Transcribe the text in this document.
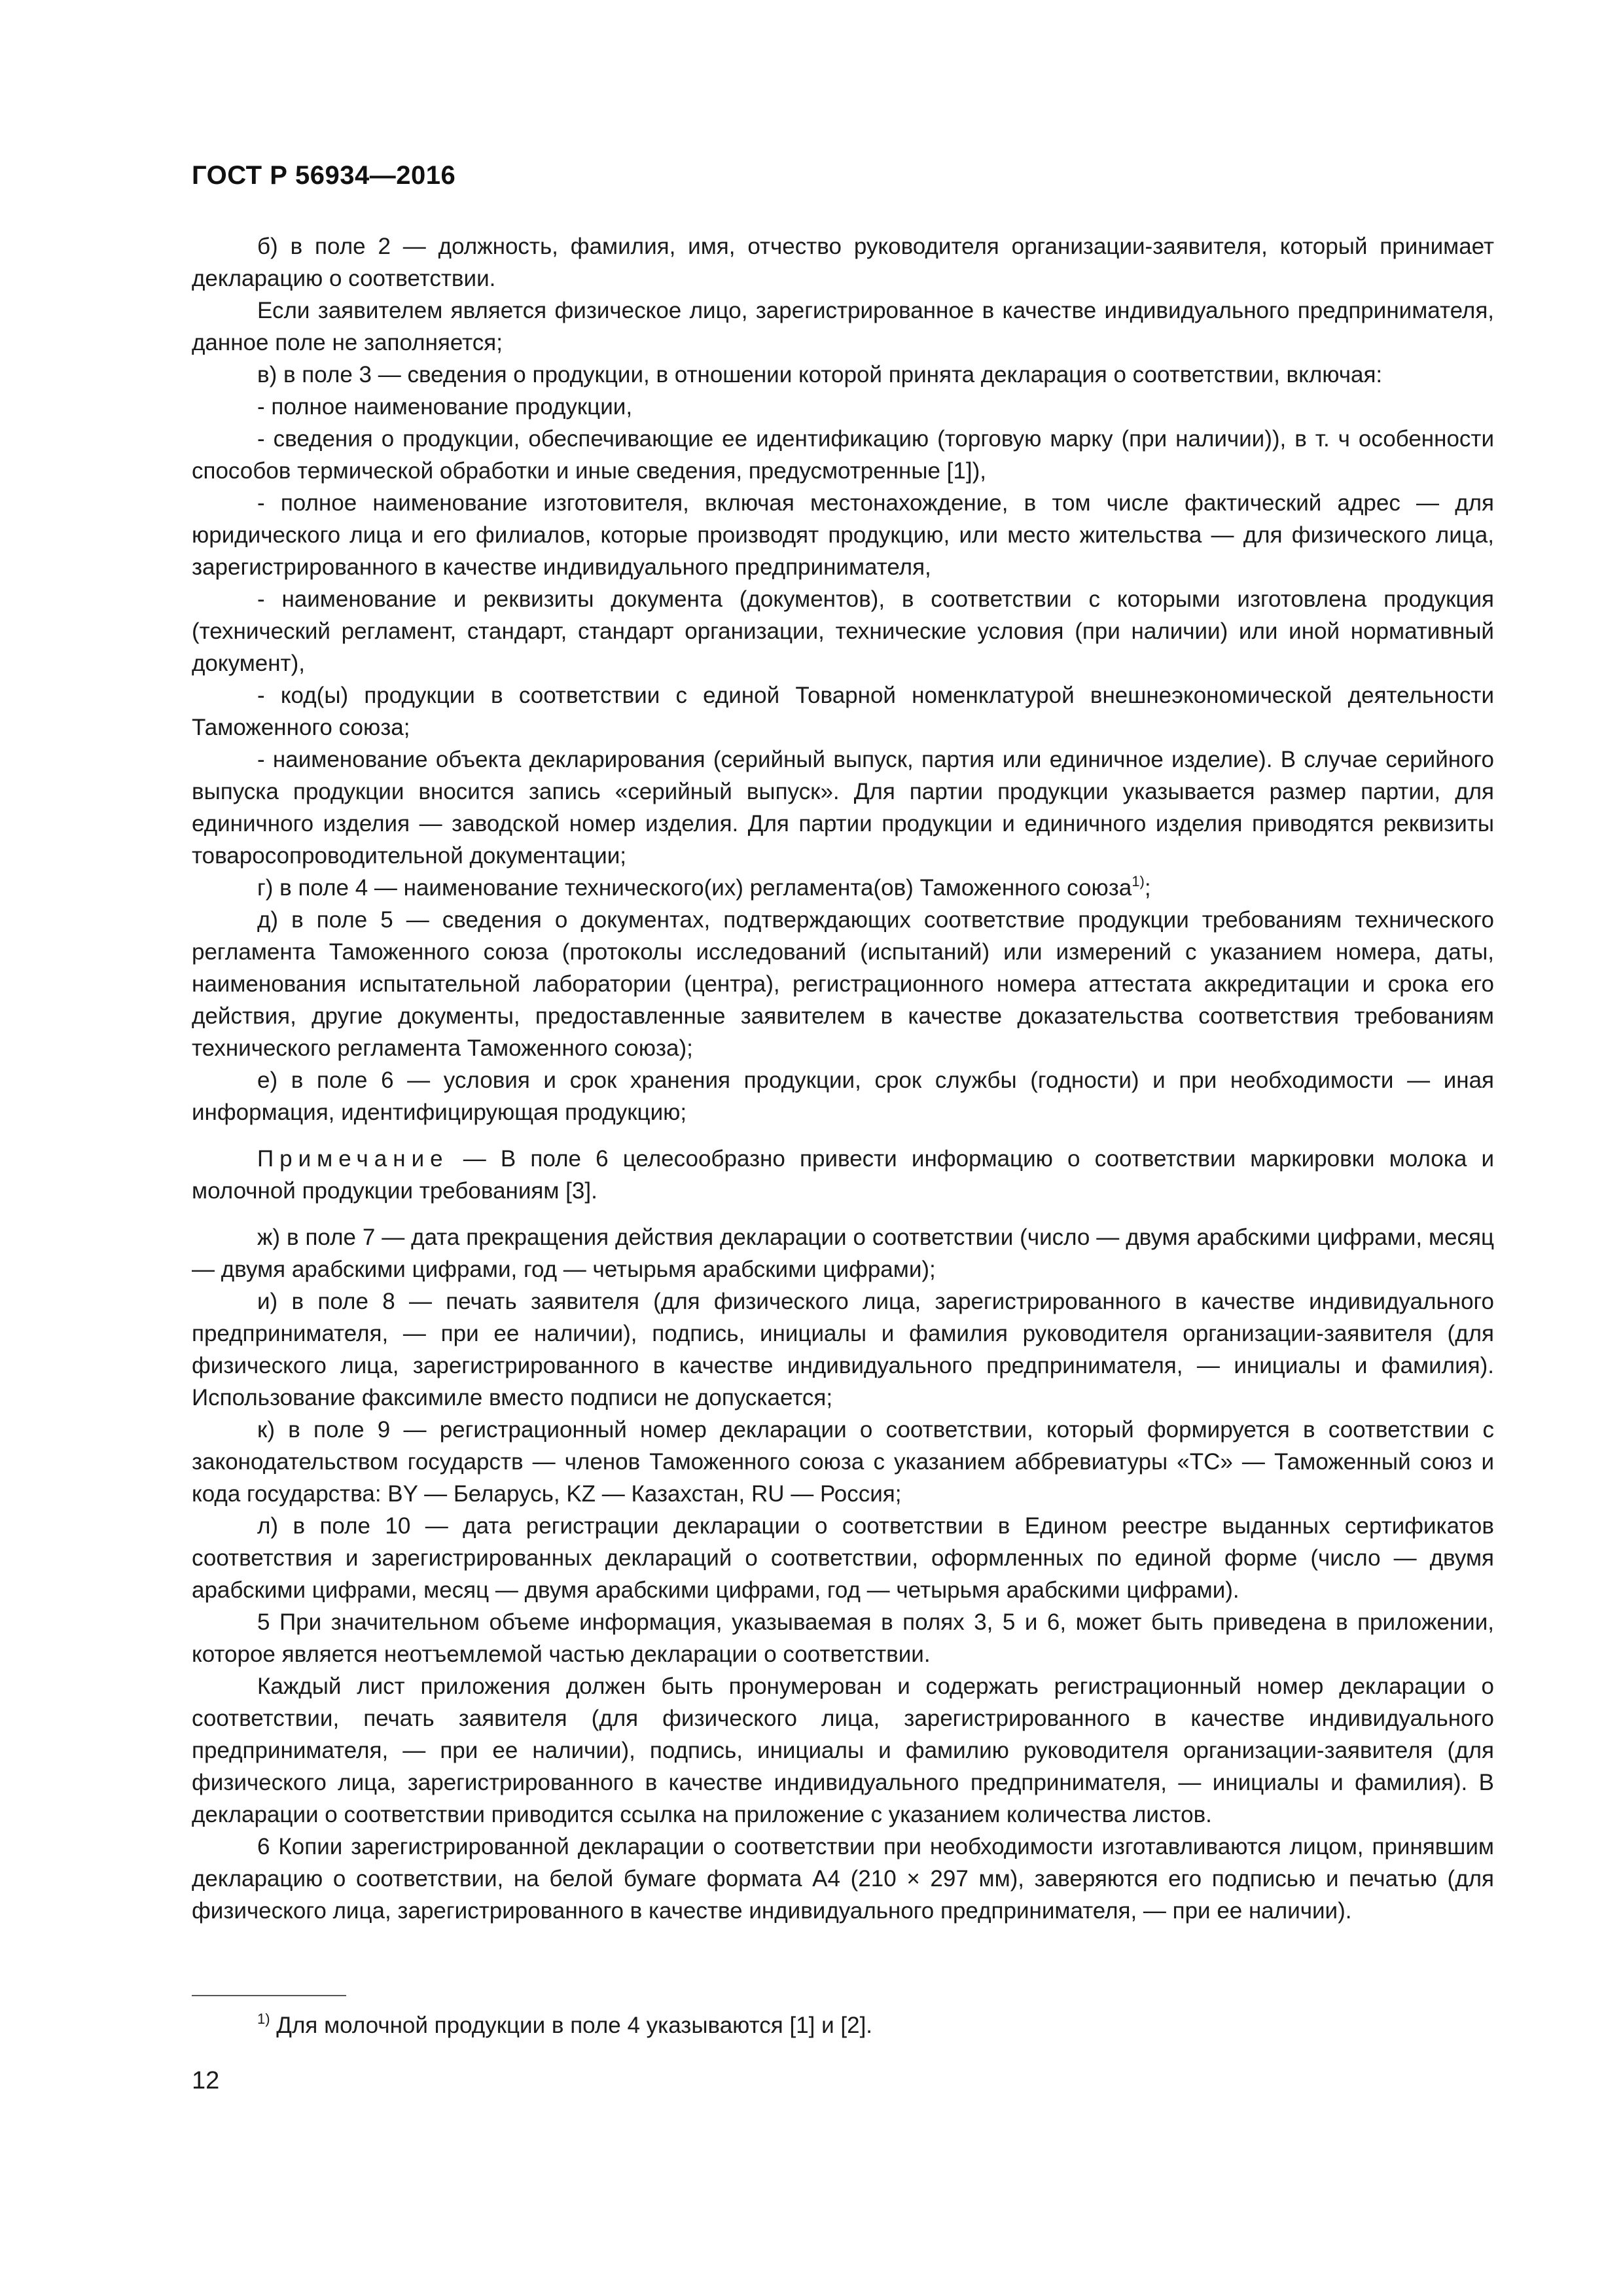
ГОСТ Р 56934—2016

б) в поле 2 — должность, фамилия, имя, отчество руководителя организации-заявителя, который принимает декларацию о соответствии.

Если заявителем является физическое лицо, зарегистрированное в качестве индивидуального предпринимателя, данное поле не заполняется;

в) в поле 3 — сведения о продукции, в отношении которой принята декларация о соответствии, включая:

- полное наименование продукции,

- сведения о продукции, обеспечивающие ее идентификацию (торговую марку (при наличии)), в т. ч особенности способов термической обработки и иные сведения, предусмотренные [1]),

- полное наименование изготовителя, включая местонахождение, в том числе фактический адрес — для юридического лица и его филиалов, которые производят продукцию, или место жительства — для физического лица, зарегистрированного в качестве индивидуального предпринимателя,

- наименование и реквизиты документа (документов), в соответствии с которыми изготовлена продукция (технический регламент, стандарт, стандарт организации, технические условия (при наличии) или иной нормативный документ),

- код(ы) продукции в соответствии с единой Товарной номенклатурой внешнеэкономической деятельности Таможенного союза;

- наименование объекта декларирования (серийный выпуск, партия или единичное изделие). В случае серийного выпуска продукции вносится запись «серийный выпуск». Для партии продукции указывается размер партии, для единичного изделия — заводской номер изделия. Для партии продукции и единичного изделия приводятся реквизиты товаросопроводительной документации;

г) в поле 4 — наименование технического(их) регламента(ов) Таможенного союза$^{1)}$;

д) в поле 5 — сведения о документах, подтверждающих соответствие продукции требованиям технического регламента Таможенного союза (протоколы исследований (испытаний) или измерений с указанием номера, даты, наименования испытательной лаборатории (центра), регистрационного номера аттестата аккредитации и срока его действия, другие документы, предоставленные заявителем в качестве доказательства соответствия требованиям технического регламента Таможенного союза);

е) в поле 6 — условия и срок хранения продукции, срок службы (годности) и при необходимости — иная информация, идентифицирующая продукцию;

Примечание — В поле 6 целесообразно привести информацию о соответствии маркировки молока и молочной продукции требованиям [3].

ж) в поле 7 — дата прекращения действия декларации о соответствии (число — двумя арабскими цифрами, месяц — двумя арабскими цифрами, год — четырьмя арабскими цифрами);

и) в поле 8 — печать заявителя (для физического лица, зарегистрированного в качестве индивидуального предпринимателя, — при ее наличии), подпись, инициалы и фамилия руководителя организации-заявителя (для физического лица, зарегистрированного в качестве индивидуального предпринимателя, — инициалы и фамилия). Использование факсимиле вместо подписи не допускается;

к) в поле 9 — регистрационный номер декларации о соответствии, который формируется в соответствии с законодательством государств — членов Таможенного союза с указанием аббревиатуры «ТС» — Таможенный союз и кода государства: BY — Беларусь, KZ — Казахстан, RU — Россия;

л) в поле 10 — дата регистрации декларации о соответствии в Едином реестре выданных сертификатов соответствия и зарегистрированных деклараций о соответствии, оформленных по единой форме (число — двумя арабскими цифрами, месяц — двумя арабскими цифрами, год — четырьмя арабскими цифрами).

5 При значительном объеме информация, указываемая в полях 3, 5 и 6, может быть приведена в приложении, которое является неотъемлемой частью декларации о соответствии.

Каждый лист приложения должен быть пронумерован и содержать регистрационный номер декларации о соответствии, печать заявителя (для физического лица, зарегистрированного в качестве индивидуального предпринимателя, — при ее наличии), подпись, инициалы и фамилию руководителя организации-заявителя (для физического лица, зарегистрированного в качестве индивидуального предпринимателя, — инициалы и фамилия). В декларации о соответствии приводится ссылка на приложение с указанием количества листов.

6 Копии зарегистрированной декларации о соответствии при необходимости изготавливаются лицом, принявшим декларацию о соответствии, на белой бумаге формата А4 (210 × 297 мм), заверяются его подписью и печатью (для физического лица, зарегистрированного в качестве индивидуального предпринимателя, — при ее наличии).

$^{1)}$ Для молочной продукции в поле 4 указываются [1] и [2].
12
